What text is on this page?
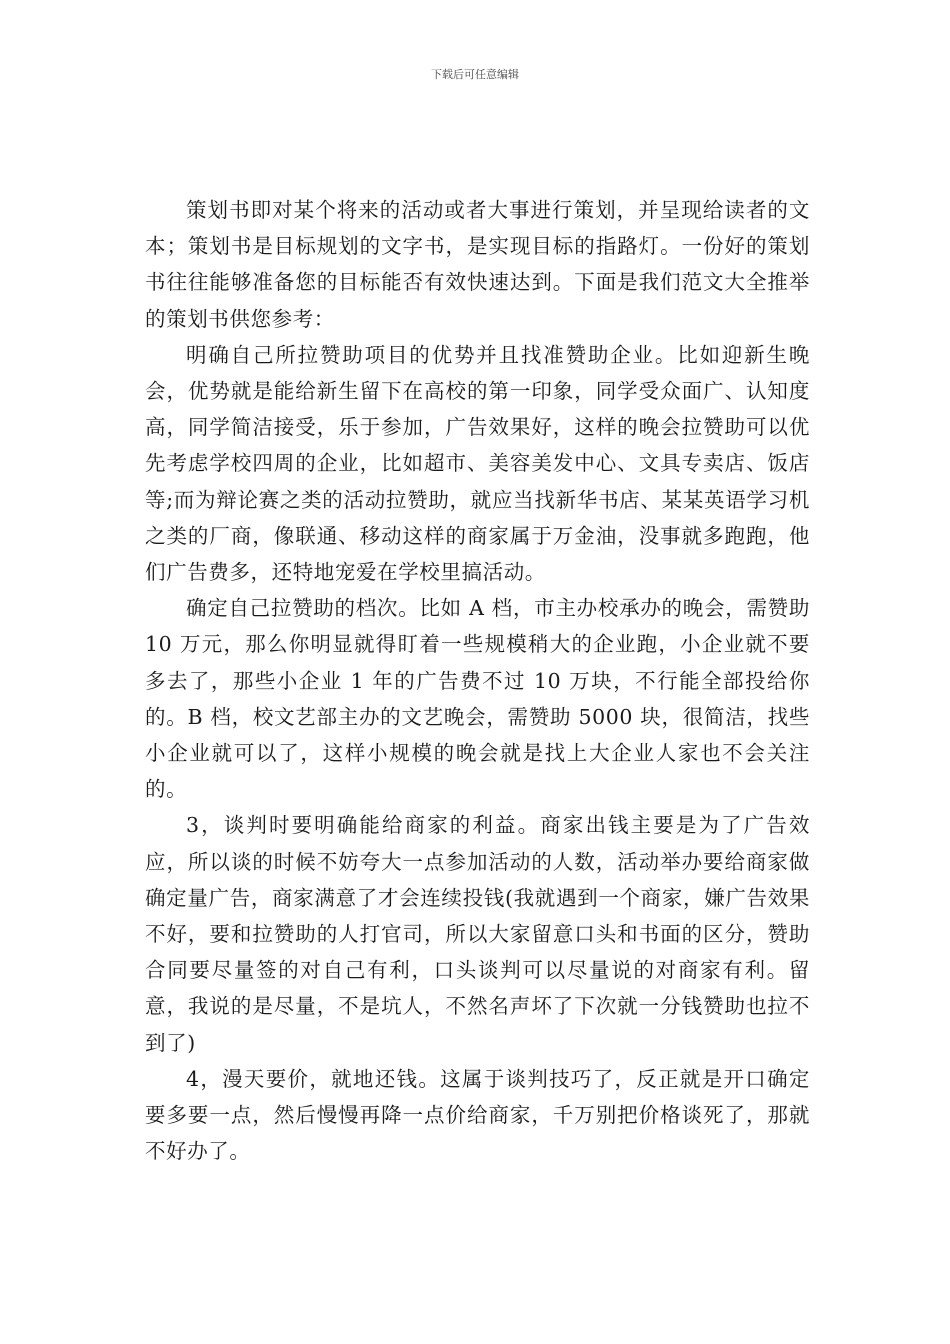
下载后可任意编辑

策划书即对某个将来的活动或者大事进行策划，并呈现给读者的文本；策划书是目标规划的文字书，是实现目标的指路灯。一份好的策划书往往能够准备您的目标能否有效快速达到。下面是我们范文大全推举的策划书供您参考：

明确自己所拉赞助项目的优势并且找准赞助企业。比如迎新生晚会，优势就是能给新生留下在高校的第一印象，同学受众面广、认知度高，同学简洁接受，乐于参加，广告效果好，这样的晚会拉赞助可以优先考虑学校四周的企业，比如超市、美容美发中心、文具专卖店、饭店等;而为辩论赛之类的活动拉赞助，就应当找新华书店、某某英语学习机之类的厂商，像联通、移动这样的商家属于万金油，没事就多跑跑，他们广告费多，还特地宠爱在学校里搞活动。

确定自己拉赞助的档次。比如 A 档，市主办校承办的晚会，需赞助 10 万元，那么你明显就得盯着一些规模稍大的企业跑，小企业就不要多去了，那些小企业 1 年的广告费不过 10 万块，不行能全部投给你的。B 档，校文艺部主办的文艺晚会，需赞助 5000 块，很简洁，找些小企业就可以了，这样小规模的晚会就是找上大企业人家也不会关注的。

3，谈判时要明确能给商家的利益。商家出钱主要是为了广告效应，所以谈的时候不妨夸大一点参加活动的人数，活动举办要给商家做确定量广告，商家满意了才会连续投钱(我就遇到一个商家，嫌广告效果不好，要和拉赞助的人打官司，所以大家留意口头和书面的区分，赞助合同要尽量签的对自己有利，口头谈判可以尽量说的对商家有利。留意，我说的是尽量，不是坑人，不然名声坏了下次就一分钱赞助也拉不到了)

4，漫天要价，就地还钱。这属于谈判技巧了，反正就是开口确定要多要一点，然后慢慢再降一点价给商家，千万别把价格谈死了，那就不好办了。
